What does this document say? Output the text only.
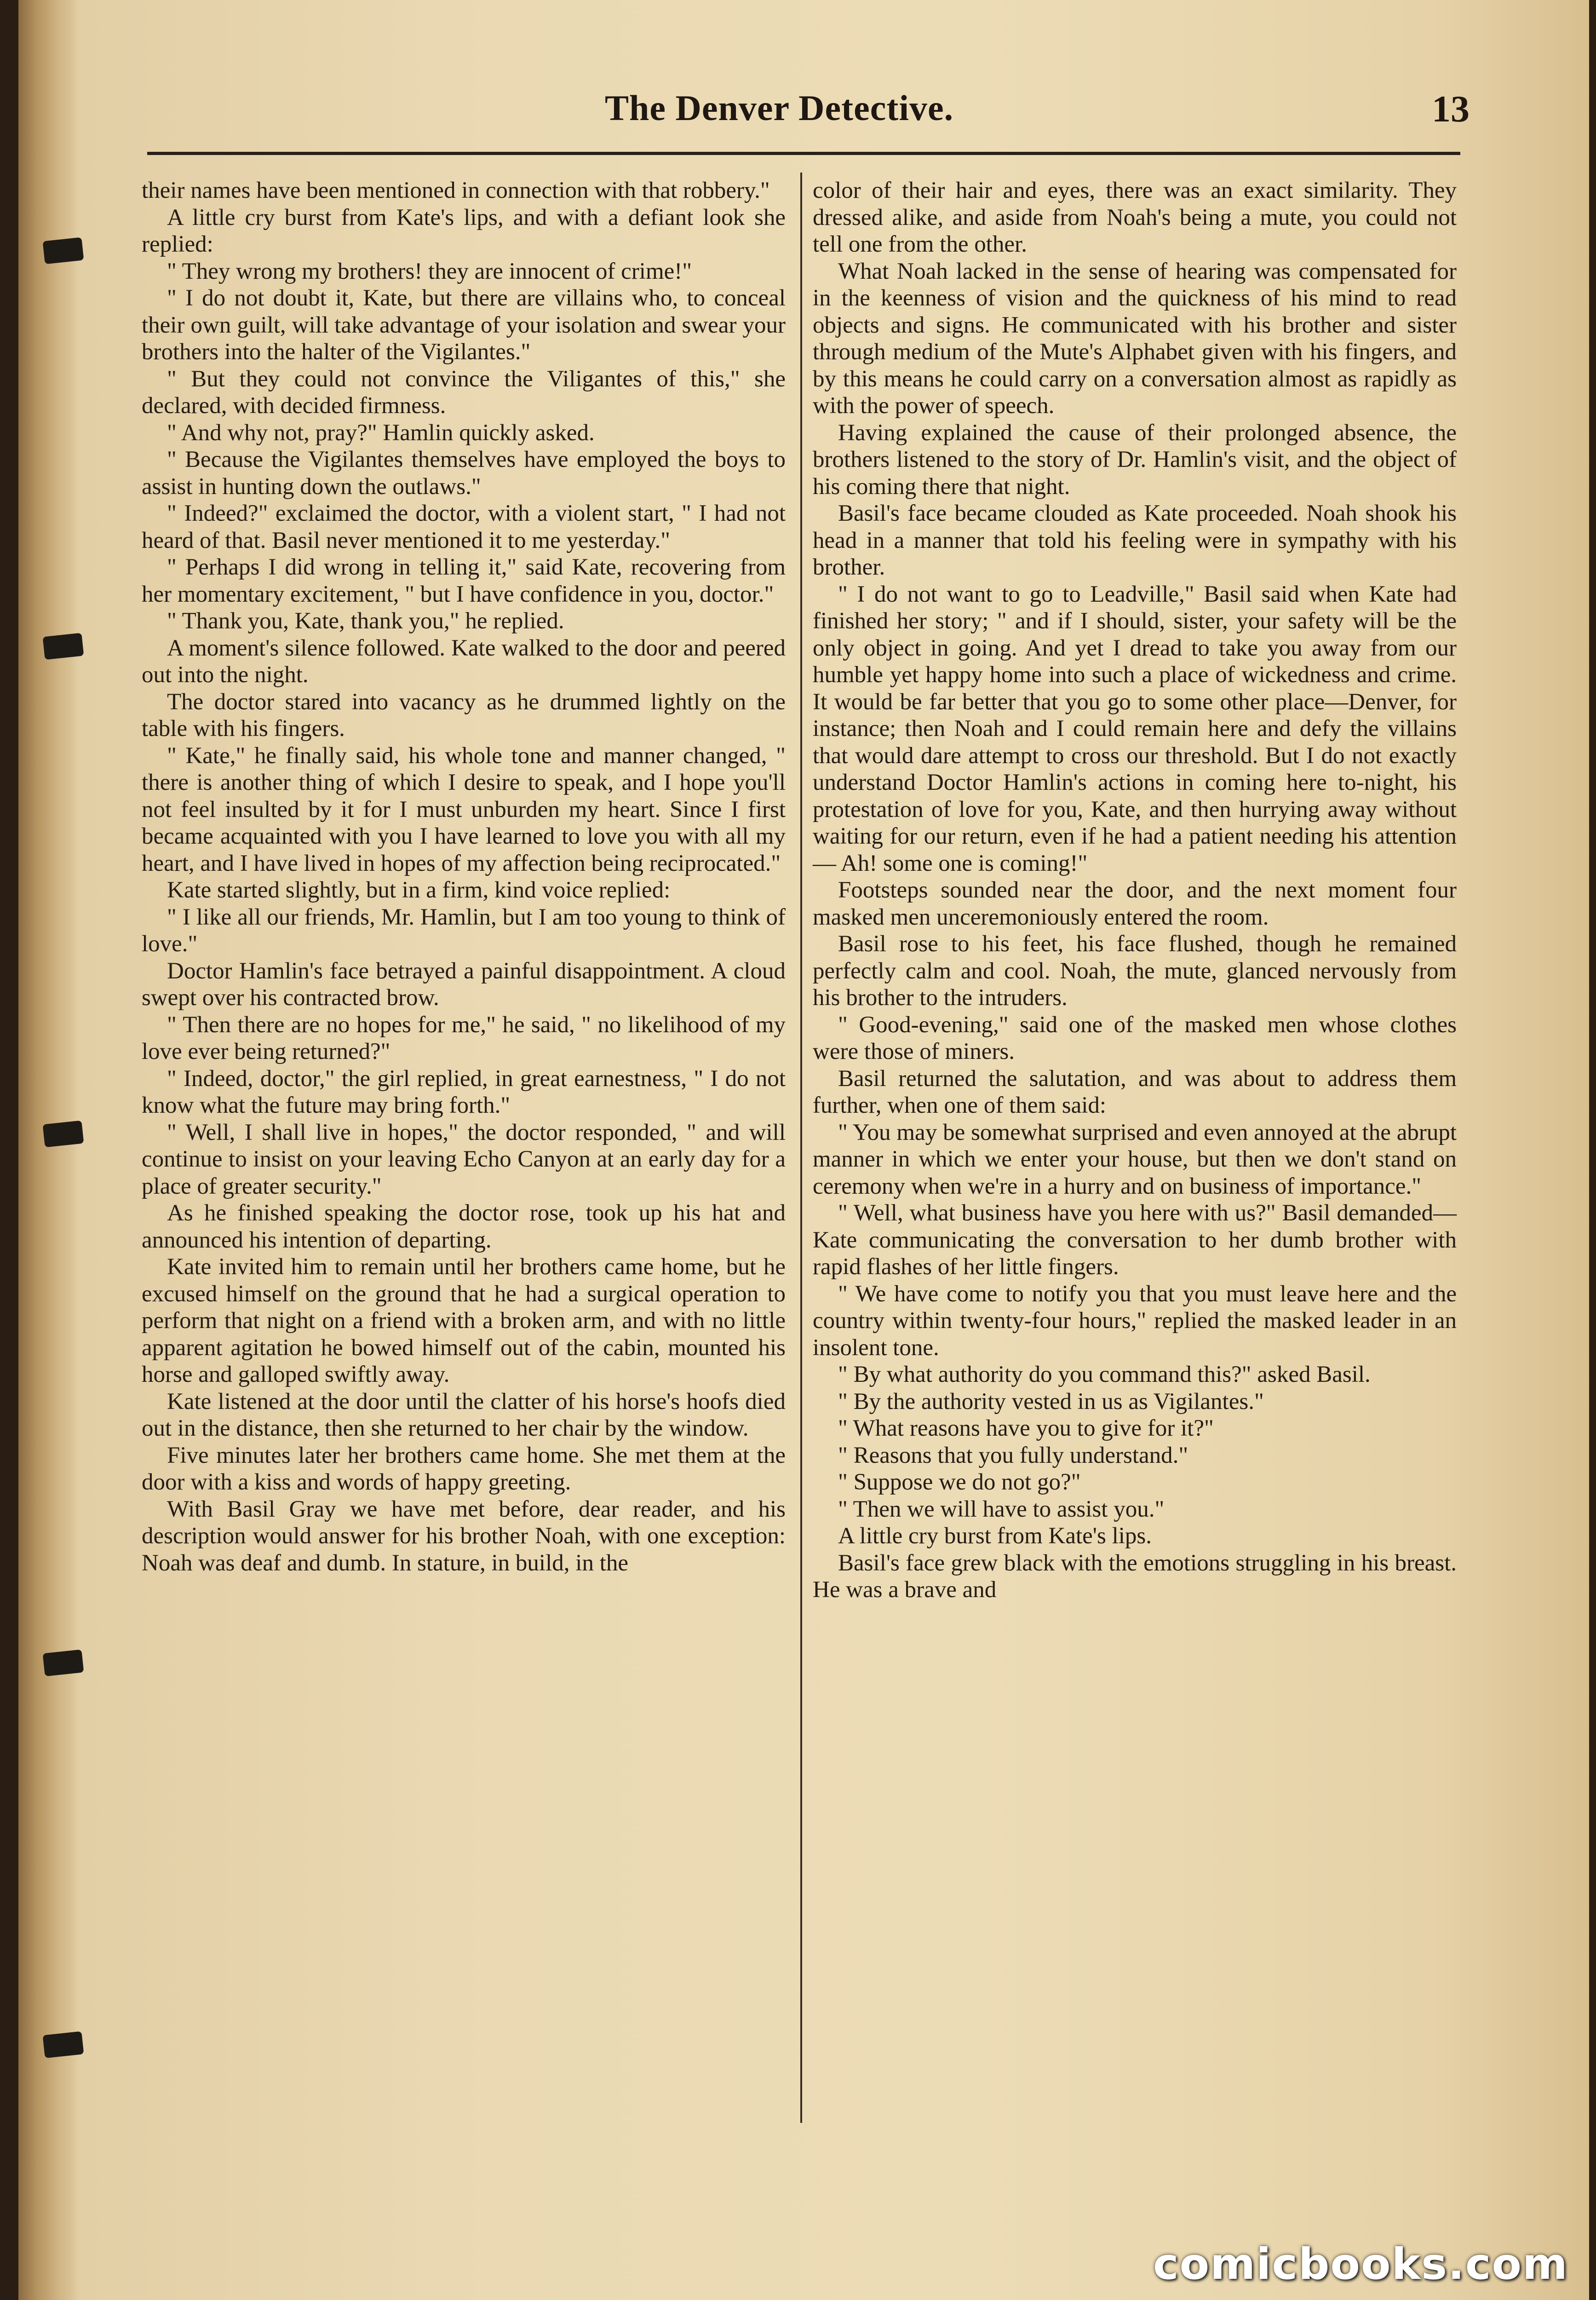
The Denver Detective.	13

their names have been mentioned in connection with that robbery."

A little cry burst from Kate's lips, and with a defiant look she replied:

" They wrong my brothers! they are innocent of crime!"

" I do not doubt it, Kate, but there are villains who, to conceal their own guilt, will take advantage of your isolation and swear your brothers into the halter of the Vigilantes."

" But they could not convince the Viligantes of this," she declared, with decided firmness.

" And why not, pray?" Hamlin quickly asked.

" Because the Vigilantes themselves have employed the boys to assist in hunting down the outlaws."

" Indeed?" exclaimed the doctor, with a violent start, " I had not heard of that. Basil never mentioned it to me yesterday."

" Perhaps I did wrong in telling it," said Kate, recovering from her momentary excitement, " but I have confidence in you, doctor."

" Thank you, Kate, thank you," he replied.

A moment's silence followed. Kate walked to the door and peered out into the night.

The doctor stared into vacancy as he drummed lightly on the table with his fingers.

" Kate," he finally said, his whole tone and manner changed, " there is another thing of which I desire to speak, and I hope you'll not feel insulted by it for I must unburden my heart. Since I first became acquainted with you I have learned to love you with all my heart, and I have lived in hopes of my affection being reciprocated."

Kate started slightly, but in a firm, kind voice replied:

" I like all our friends, Mr. Hamlin, but I am too young to think of love."

Doctor Hamlin's face betrayed a painful disappointment. A cloud swept over his contracted brow.

" Then there are no hopes for me," he said, " no likelihood of my love ever being returned?"

" Indeed, doctor," the girl replied, in great earnestness, " I do not know what the future may bring forth."

" Well, I shall live in hopes," the doctor responded, " and will continue to insist on your leaving Echo Canyon at an early day for a place of greater security."

As he finished speaking the doctor rose, took up his hat and announced his intention of departing.

Kate invited him to remain until her brothers came home, but he excused himself on the ground that he had a surgical operation to perform that night on a friend with a broken arm, and with no little apparent agitation he bowed himself out of the cabin, mounted his horse and galloped swiftly away.

Kate listened at the door until the clatter of his horse's hoofs died out in the distance, then she returned to her chair by the window.

Five minutes later her brothers came home. She met them at the door with a kiss and words of happy greeting.

With Basil Gray we have met before, dear reader, and his description would answer for his brother Noah, with one exception: Noah was deaf and dumb. In stature, in build, in the

color of their hair and eyes, there was an exact similarity. They dressed alike, and aside from Noah's being a mute, you could not tell one from the other.

What Noah lacked in the sense of hearing was compensated for in the keenness of vision and the quickness of his mind to read objects and signs. He communicated with his brother and sister through medium of the Mute's Alphabet given with his fingers, and by this means he could carry on a conversation almost as rapidly as with the power of speech.

Having explained the cause of their prolonged absence, the brothers listened to the story of Dr. Hamlin's visit, and the object of his coming there that night.

Basil's face became clouded as Kate proceeded. Noah shook his head in a manner that told his feeling were in sympathy with his brother.

" I do not want to go to Leadville," Basil said when Kate had finished her story; " and if I should, sister, your safety will be the only object in going. And yet I dread to take you away from our humble yet happy home into such a place of wickedness and crime. It would be far better that you go to some other place—Denver, for instance; then Noah and I could remain here and defy the villains that would dare attempt to cross our threshold. But I do not exactly understand Doctor Hamlin's actions in coming here to-night, his protestation of love for you, Kate, and then hurrying away without waiting for our return, even if he had a patient needing his attention— Ah! some one is coming!"

Footsteps sounded near the door, and the next moment four masked men unceremoniously entered the room.

Basil rose to his feet, his face flushed, though he remained perfectly calm and cool. Noah, the mute, glanced nervously from his brother to the intruders.

" Good-evening," said one of the masked men whose clothes were those of miners.

Basil returned the salutation, and was about to address them further, when one of them said:

" You may be somewhat surprised and even annoyed at the abrupt manner in which we enter your house, but then we don't stand on ceremony when we're in a hurry and on business of importance."

" Well, what business have you here with us?" Basil demanded—Kate communicating the conversation to her dumb brother with rapid flashes of her little fingers.

" We have come to notify you that you must leave here and the country within twenty-four hours," replied the masked leader in an insolent tone.

" By what authority do you command this?" asked Basil.

" By the authority vested in us as Vigilantes."

" What reasons have you to give for it?"

" Reasons that you fully understand."

" Suppose we do not go?"

" Then we will have to assist you."

A little cry burst from Kate's lips.

Basil's face grew black with the emotions struggling in his breast. He was a brave and

comicbooks.com
